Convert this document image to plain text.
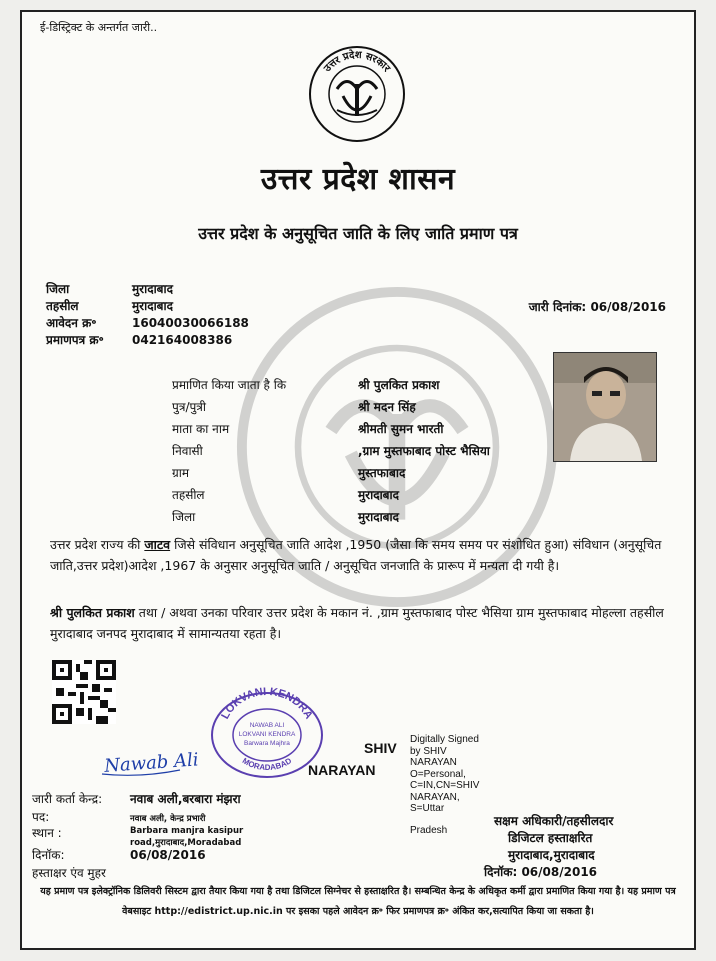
ई-डिस्ट्रिक्ट के अन्तर्गत जारी..
उत्तर प्रदेश सरकार
उत्तर प्रदेश शासन
उत्तर प्रदेश के अनुसूचित जाति के लिए जाति प्रमाण पत्र
जिला	मुरादाबाद
तहसील	मुरादाबाद
आवेदन क्र॰	16040030066188
प्रमाणपत्र क्र॰ 042164008386
जारी दिनांक: 06/08/2016
प्रमाणित किया जाता है कि	श्री पुलकित प्रकाश
पुत्र/पुत्री	श्री मदन सिंह
माता का नाम	श्रीमती सुमन भारती
निवासी	,ग्राम मुस्तफाबाद पोस्ट भैसिया
ग्राम	मुस्तफाबाद
तहसील	मुरादाबाद
जिला	मुरादाबाद
उत्तर प्रदेश राज्य की जाटव जिसे संविधान अनुसूचित जाति आदेश ,1950 (जैसा कि समय समय पर संशोधित हुआ) संविधान (अनुसूचित जाति,उत्तर प्रदेश)आदेश ,1967 के अनुसार अनुसूचित जाति / अनुसूचित जनजाति के प्रारूप में मन्यता दी गयी है।
श्री पुलकित प्रकाश तथा / अथवा उनका परिवार उत्तर प्रदेश के मकान नं. ,ग्राम मुस्तफाबाद पोस्ट भैसिया ग्राम मुस्तफाबाद मोहल्ला तहसील मुरादाबाद जनपद मुरादाबाद में सामान्यतया रहता है।
LOKVANI KENDRA
MORADABAD
NAWAB ALI
LOKVANI KENDRA
Barwara Majhra
Nawab Ali
SHIV
NARAYAN
Digitally Signed
by SHIV
NARAYAN
O=Personal,
C=IN,CN=SHIV
NARAYAN,
S=Uttar
Pradesh
जारी कर्ता केन्द्र: नवाब अली,बरबारा मंझरा
पद:	नवाब अली, केन्द्र प्रभारी
स्थान :	Barbara manjra kasipur
road,मुरादाबाद,Moradabad
दिनॉक:	06/08/2016
हस्ताक्षर एंव मुहर
सक्षम अधिकारी/तहसीलदार
डिजिटल हस्ताक्षरित
मुरादाबाद,मुरादाबाद
दिनॉक: 06/08/2016
यह प्रमाण पत्र इलेक्ट्रॉनिक डिलिवरी सिस्टम द्वारा तैयार किया गया है तथा डिजिटल सिग्नेचर से हस्ताक्षरित है। सम्बन्धित केन्द्र के अधिकृत कर्मी द्वारा प्रमाणित किया गया है। यह प्रमाण पत्र वेबसाइट http://edistrict.up.nic.in पर इसका पहले आवेदन क्र॰ फिर प्रमाणपत्र क्र॰ अंकित कर,सत्यापित किया जा सकता है।
